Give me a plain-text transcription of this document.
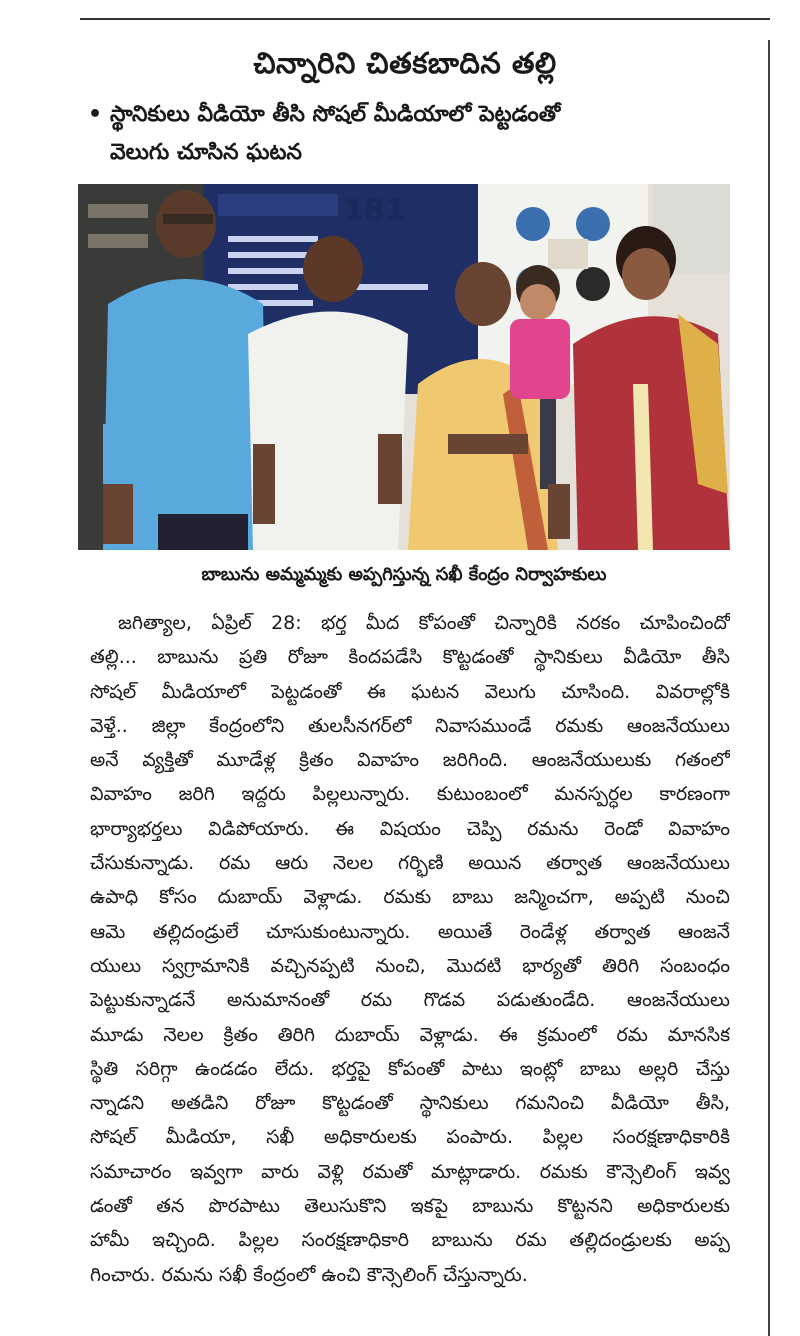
చిన్నారిని చితకబాదిన తల్లి
• స్థానికులు వీడియో తీసి సోషల్ మీడియాలో పెట్టడంతో
వెలుగు చూసిన ఘటన
181
బాబును అమ్మమ్మకు అప్పగిస్తున్న సఖీ కేంద్రం నిర్వాహకులు
జగిత్యాల, ఏప్రిల్ 28: భర్త మీద కోపంతో చిన్నారికి నరకం చూపించిందో
తల్లి... బాబును ప్రతి రోజూ కిందపడేసి కొట్టడంతో స్థానికులు వీడియో తీసి
సోషల్ మీడియాలో పెట్టడంతో ఈ ఘటన వెలుగు చూసింది. వివరాల్లోకి
వెళ్తే.. జిల్లా కేంద్రంలోని తులసీనగర్‌లో నివాసముండే రమకు ఆంజనేయులు
అనే వ్యక్తితో మూడేళ్ల క్రితం వివాహం జరిగింది. ఆంజనేయులుకు గతంలో
వివాహం జరిగి ఇద్దరు పిల్లలున్నారు. కుటుంబంలో మనస్పర్ధల కారణంగా
భార్యాభర్తలు విడిపోయారు. ఈ విషయం చెప్పి రమను రెండో వివాహం
చేసుకున్నాడు. రమ ఆరు నెలల గర్భిణి అయిన తర్వాత ఆంజనేయులు
ఉపాధి కోసం దుబాయ్ వెళ్లాడు. రమకు బాబు జన్మించగా, అప్పటి నుంచి
ఆమె తల్లిదండ్రులే చూసుకుంటున్నారు. అయితే రెండేళ్ల తర్వాత ఆంజనే
యులు స్వగ్రామానికి వచ్చినప్పటి నుంచి, మొదటి భార్యతో తిరిగి సంబంధం
పెట్టుకున్నాడనే అనుమానంతో రమ గొడవ పడుతుండేది. ఆంజనేయులు
మూడు నెలల క్రితం తిరిగి దుబాయ్ వెళ్లాడు. ఈ క్రమంలో రమ మానసిక
స్థితి సరిగ్గా ఉండడం లేదు. భర్తపై కోపంతో పాటు ఇంట్లో బాబు అల్లరి చేస్తు
న్నాడని అతడిని రోజూ కొట్టడంతో స్థానికులు గమనించి వీడియో తీసి,
సోషల్ మీడియా, సఖీ అధికారులకు పంపారు. పిల్లల సంరక్షణాధికారికి
సమాచారం ఇవ్వగా వారు వెళ్లి రమతో మాట్లాడారు. రమకు కౌన్సెలింగ్ ఇవ్వ
డంతో తన పొరపాటు తెలుసుకొని ఇకపై బాబును కొట్టనని అధికారులకు
హామీ ఇచ్చింది. పిల్లల సంరక్షణాధికారి బాబును రమ తల్లిదండ్రులకు అప్ప
గించారు. రమను సఖీ కేంద్రంలో ఉంచి కౌన్సెలింగ్ చేస్తున్నారు.
